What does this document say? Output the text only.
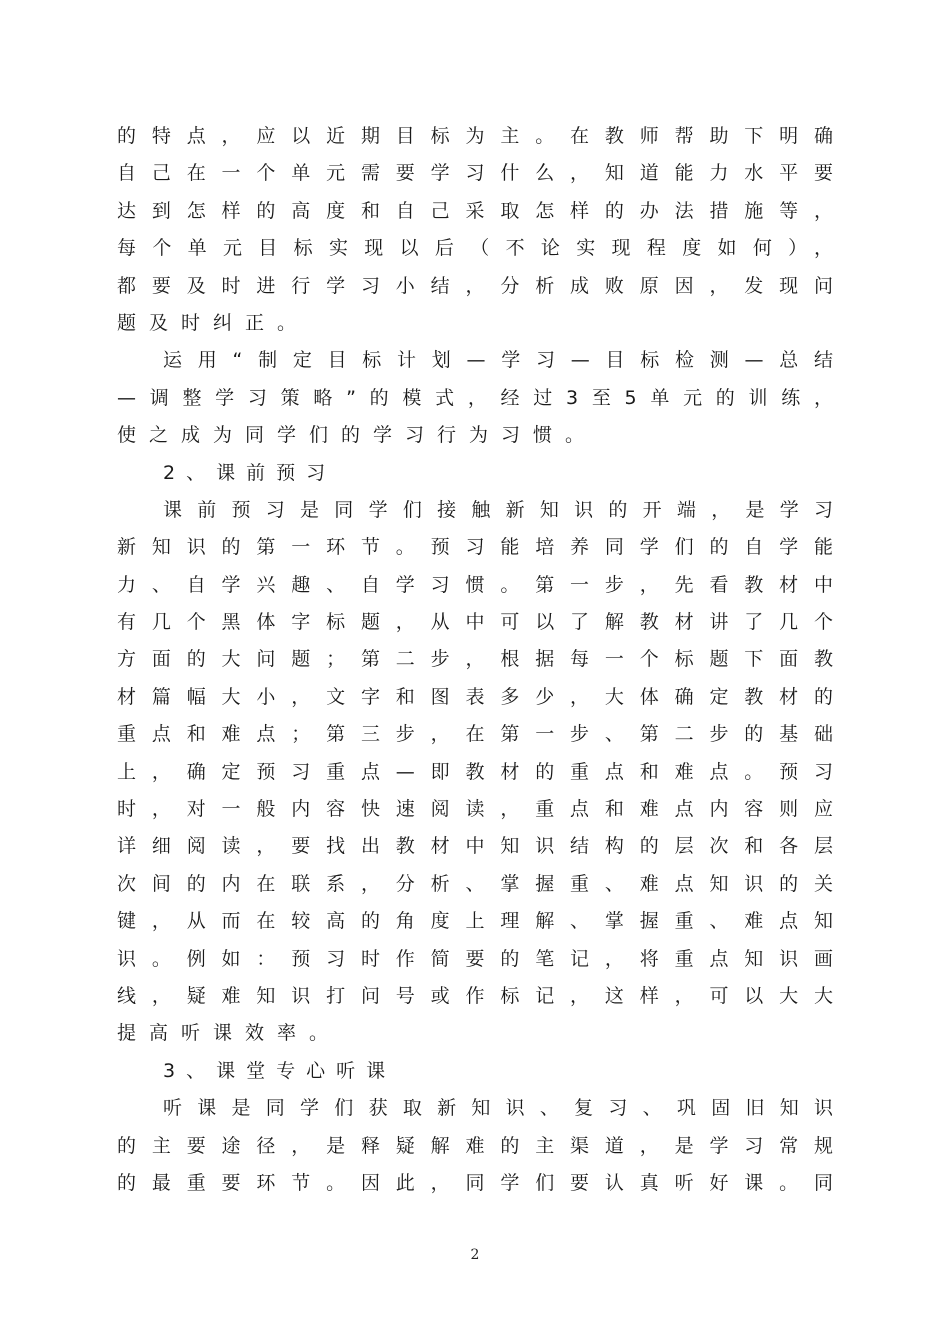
的特点，应以近期目标为主。在教师帮助下明确
自己在一个单元需要学习什么，知道能力水平要
达到怎样的高度和自己采取怎样的办法措施等，
每个单元目标实现以后（不论实现程度如何），
都要及时进行学习小结，分析成败原因，发现问
题及时纠正。
运用“制定目标计划—学习—目标检测—总结
—调整学习策略”的模式，经过3至5单元的训练，
使之成为同学们的学习行为习惯。
2、课前预习
课前预习是同学们接触新知识的开端，是学习
新知识的第一环节。预习能培养同学们的自学能
力、自学兴趣、自学习惯。第一步，先看教材中
有几个黑体字标题，从中可以了解教材讲了几个
方面的大问题；第二步，根据每一个标题下面教
材篇幅大小，文字和图表多少，大体确定教材的
重点和难点；第三步，在第一步、第二步的基础
上，确定预习重点—即教材的重点和难点。预习
时，对一般内容快速阅读，重点和难点内容则应
详细阅读，要找出教材中知识结构的层次和各层
次间的内在联系，分析、掌握重、难点知识的关
键，从而在较高的角度上理解、掌握重、难点知
识。例如：预习时作简要的笔记，将重点知识画
线，疑难知识打问号或作标记，这样，可以大大
提高听课效率。
3、课堂专心听课
听课是同学们获取新知识、复习、巩固旧知识
的主要途径，是释疑解难的主渠道，是学习常规
的最重要环节。因此，同学们要认真听好课。同
2
